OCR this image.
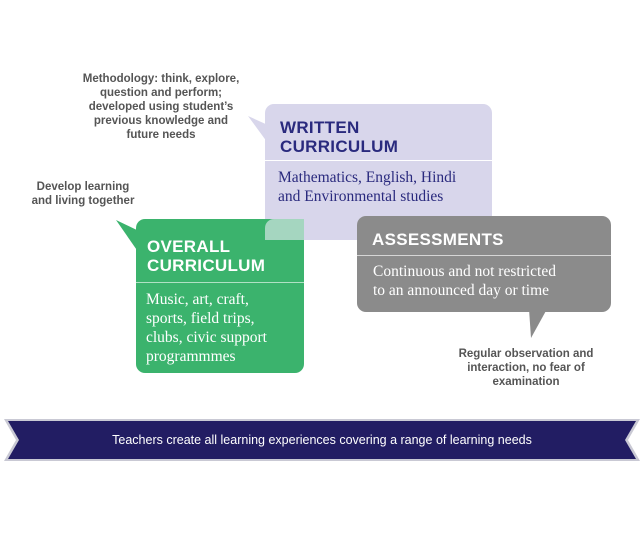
Methodology: think, explore,
question and perform;
developed using student’s
previous knowledge and
future needs

Develop learning
and living together

Regular observation and
interaction, no fear of
examination

WRITTEN
CURRICULUM

Mathematics, English, Hindi
and Environmental studies

OVERALL
CURRICULUM

Music, art, craft,
sports, field trips,
clubs, civic support
programmmes

ASSESSMENTS

Continuous and not restricted
to an announced day or time

Teachers create all learning experiences covering a range of learning needs
